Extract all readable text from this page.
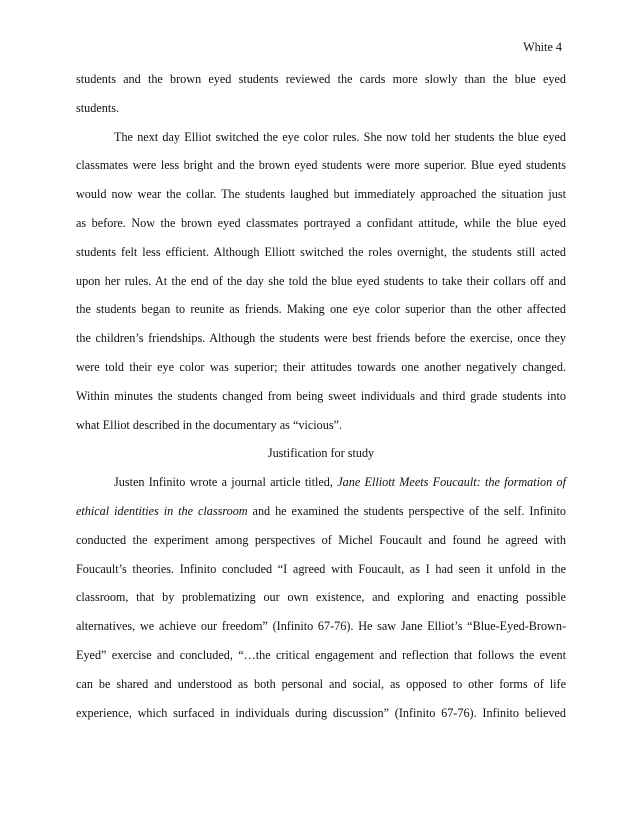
White 4
students and the brown eyed students reviewed the cards more slowly than the blue eyed
students.
The next day Elliot switched the eye color rules. She now told her students the blue eyed
classmates were less bright and the brown eyed students were more superior. Blue eyed students
would now wear the collar. The students laughed but immediately approached the situation just
as before. Now the brown eyed classmates portrayed a confidant attitude, while the blue eyed
students felt less efficient. Although Elliott switched the roles overnight, the students still acted
upon her rules. At the end of the day she told the blue eyed students to take their collars off and
the students began to reunite as friends. Making one eye color superior than the other affected
the children’s friendships. Although the students were best friends before the exercise, once they
were told their eye color was superior; their attitudes towards one another negatively changed.
Within minutes the students changed from being sweet individuals and third grade students into
what Elliot described in the documentary as “vicious”.
Justification for study
Justen Infinito wrote a journal article titled, Jane Elliott Meets Foucault: the formation of
ethical identities in the classroom and he examined the students perspective of the self. Infinito
conducted the experiment among perspectives of Michel Foucault and found he agreed with
Foucault’s theories. Infinito concluded “I agreed with Foucault, as I had seen it unfold in the
classroom, that by problematizing our own existence, and exploring and enacting possible
alternatives, we achieve our freedom” (Infinito 67-76). He saw Jane Elliot’s “Blue-Eyed-Brown-
Eyed” exercise and concluded, “…the critical engagement and reflection that follows the event
can be shared and understood as both personal and social, as opposed to other forms of life
experience, which surfaced in individuals during discussion” (Infinito 67-76). Infinito believed
